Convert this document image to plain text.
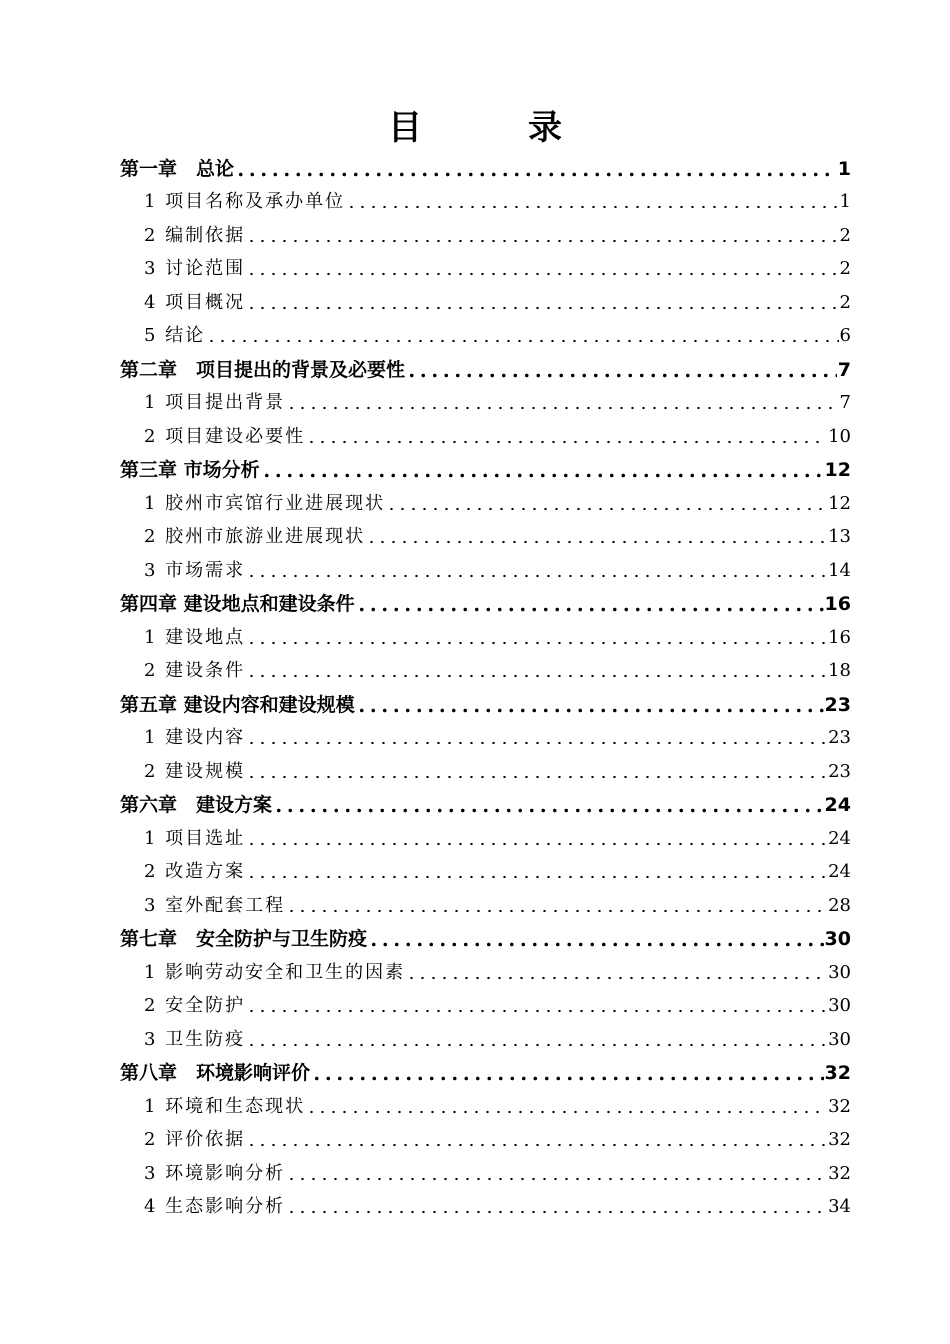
目　录
第一章　总论	1
1 项目名称及承办单位	1
2 编制依据	2
3 讨论范围	2
4 项目概况	2
5 结论	6
第二章　项目提出的背景及必要性	7
1 项目提出背景	7
2 项目建设必要性	10
第三章 市场分析	12
1 胶州市宾馆行业进展现状	12
2 胶州市旅游业进展现状	13
3 市场需求	14
第四章 建设地点和建设条件	16
1 建设地点	16
2 建设条件	18
第五章 建设内容和建设规模	23
1 建设内容	23
2 建设规模	23
第六章　建设方案	24
1 项目选址	24
2 改造方案	24
3 室外配套工程	28
第七章　安全防护与卫生防疫	30
1 影响劳动安全和卫生的因素	30
2 安全防护	30
3 卫生防疫	30
第八章　环境影响评价	32
1 环境和生态现状	32
2 评价依据	32
3 环境影响分析	32
4 生态影响分析	34
